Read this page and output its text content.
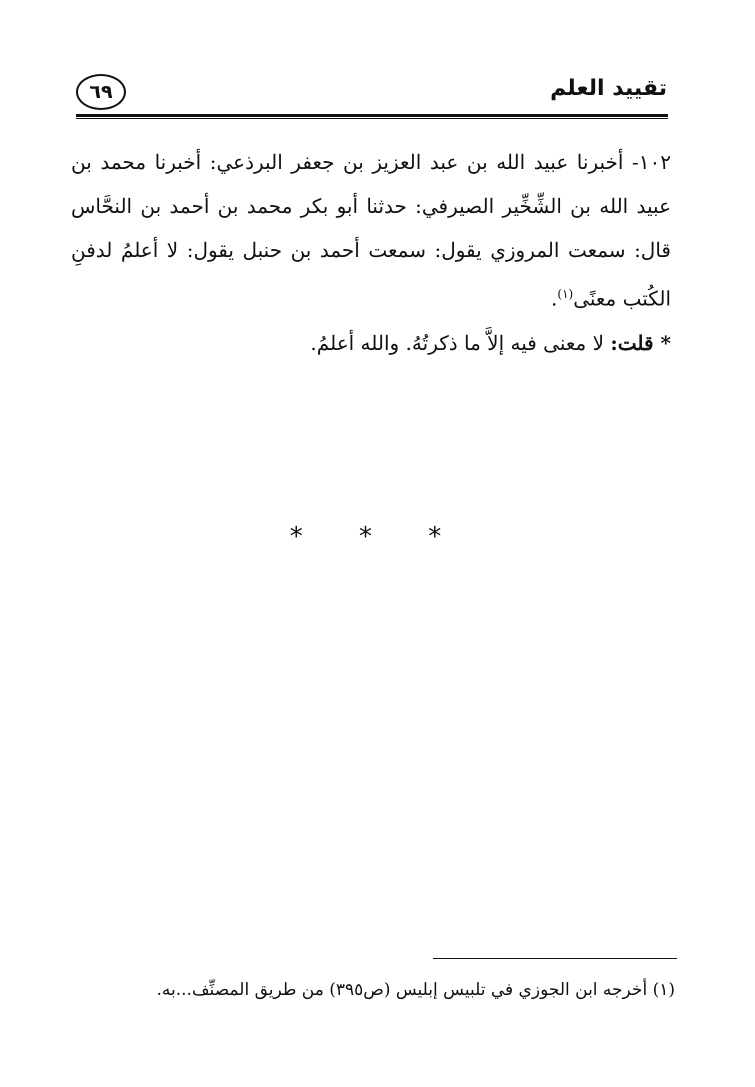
تقييد العلم
٦٩

١٠٢- أخبرنا عبيد الله بن عبد العزيز بن جعفر البرذعي: أخبرنا محمد بن عبيد الله بن الشِّخِّير الصيرفي: حدثنا أبو بكر محمد بن أحمد بن النحَّاس قال: سمعت المروزي يقول: سمعت أحمد بن حنبل يقول: لا أعلمُ لدفنِ الكُتب معنًى$^{(١)}$.

* قلت: لا معنى فيه إلاَّ ما ذكرتُهُ. والله أعلمُ.

* * *
(١) أخرجه ابن الجوزي في تلبيس إبليس (ص٣٩٥) من طريق المصنِّف...به.
